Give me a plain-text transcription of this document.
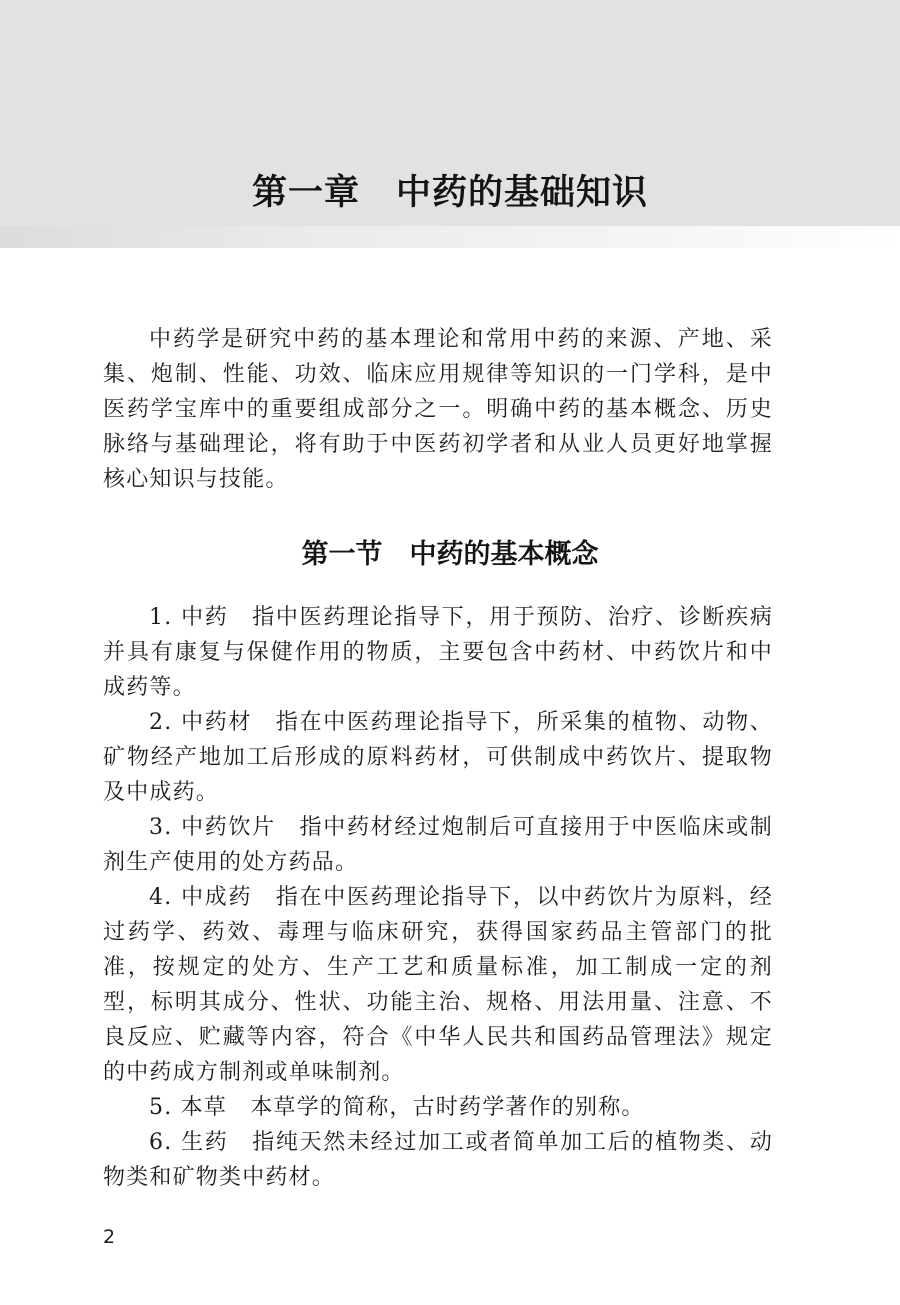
第一章　中药的基础知识

中药学是研究中药的基本理论和常用中药的来源、产地、采集、炮制、性能、功效、临床应用规律等知识的一门学科，是中医药学宝库中的重要组成部分之一。明确中药的基本概念、历史脉络与基础理论，将有助于中医药初学者和从业人员更好地掌握核心知识与技能。

第一节　中药的基本概念

1. 中药　 指中医药理论指导下，用于预防、治疗、诊断疾病并具有康复与保健作用的物质，主要包含中药材、中药饮片和中成药等。

2. 中药材　 指在中医药理论指导下，所采集的植物、动物、矿物经产地加工后形成的原料药材，可供制成中药饮片、提取物及中成药。

3. 中药饮片　 指中药材经过炮制后可直接用于中医临床或制剂生产使用的处方药品。

4. 中成药　 指在中医药理论指导下，以中药饮片为原料，经过药学、药效、毒理与临床研究，获得国家药品主管部门的批准，按规定的处方、生产工艺和质量标准，加工制成一定的剂型，标明其成分、性状、功能主治、规格、用法用量、注意、不良反应、贮藏等内容，符合《中华人民共和国药品管理法》规定的中药成方制剂或单味制剂。

5. 本草　 本草学的简称，古时药学著作的别称。

6. 生药　 指纯天然未经过加工或者简单加工后的植物类、动物类和矿物类中药材。

2
